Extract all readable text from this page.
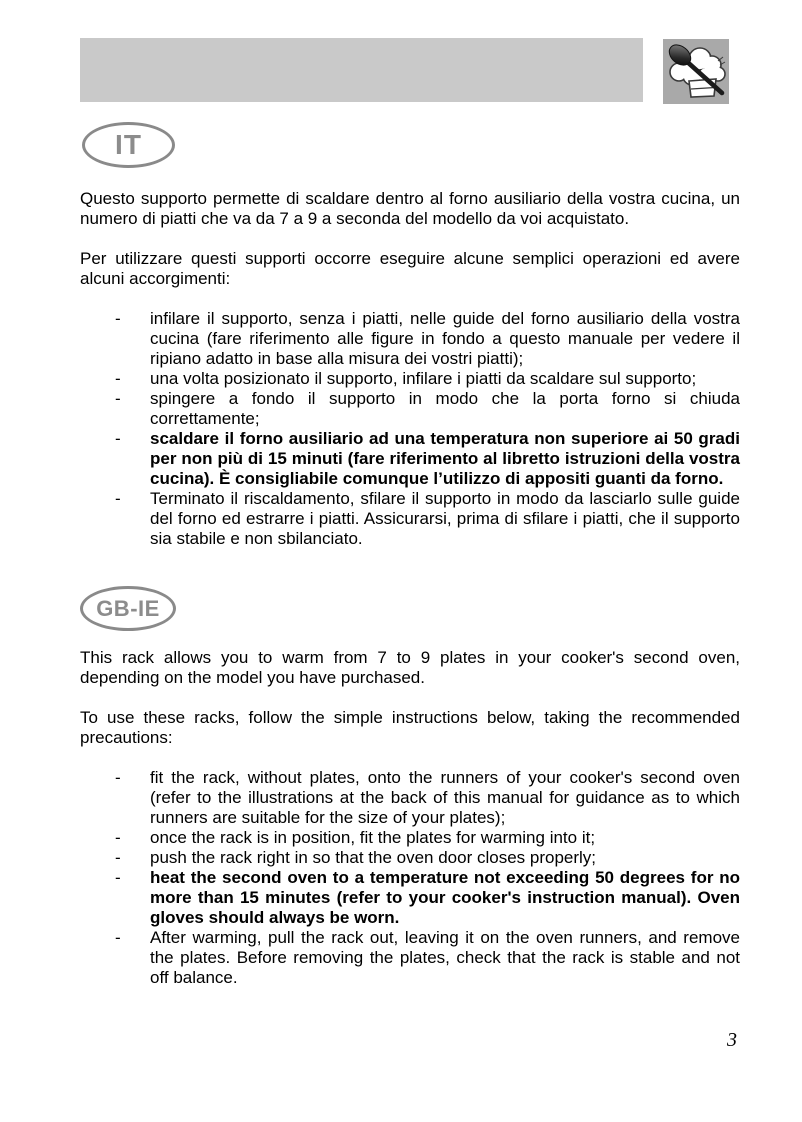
IT
Questo supporto permette di scaldare dentro al forno ausiliario della vostra cucina, un numero di piatti che va da 7 a 9 a seconda del modello da voi acquistato.
Per utilizzare questi supporti occorre eseguire alcune semplici operazioni ed avere alcuni accorgimenti:
- infilare il supporto, senza i piatti, nelle guide del forno ausiliario della vostra cucina (fare riferimento alle figure in fondo a questo manuale per vedere il ripiano adatto in base alla misura dei vostri piatti);
- una volta posizionato il supporto, infilare i piatti da scaldare sul supporto;
- spingere a fondo il supporto in modo che la porta forno si chiuda correttamente;
- scaldare il forno ausiliario ad una temperatura non superiore ai 50 gradi per non più di 15 minuti (fare riferimento al libretto istruzioni della vostra cucina). È consigliabile comunque l’utilizzo di appositi guanti da forno.
- Terminato il riscaldamento, sfilare il supporto in modo da lasciarlo sulle guide del forno ed estrarre i piatti. Assicurarsi, prima di sfilare i piatti, che il supporto sia stabile e non sbilanciato.
GB-IE
This rack allows you to warm from 7 to 9 plates in your cooker's second oven, depending on the model you have purchased.
To use these racks, follow the simple instructions below, taking the recommended precautions:
- fit the rack, without plates, onto the runners of your cooker's second oven (refer to the illustrations at the back of this manual for guidance as to which runners are suitable for the size of your plates);
- once the rack is in position, fit the plates for warming into it;
- push the rack right in so that the oven door closes properly;
- heat the second oven to a temperature not exceeding 50 degrees for no more than 15 minutes (refer to your cooker's instruction manual). Oven gloves should always be worn.
- After warming, pull the rack out, leaving it on the oven runners, and remove the plates. Before removing the plates, check that the rack is stable and not off balance.
3
